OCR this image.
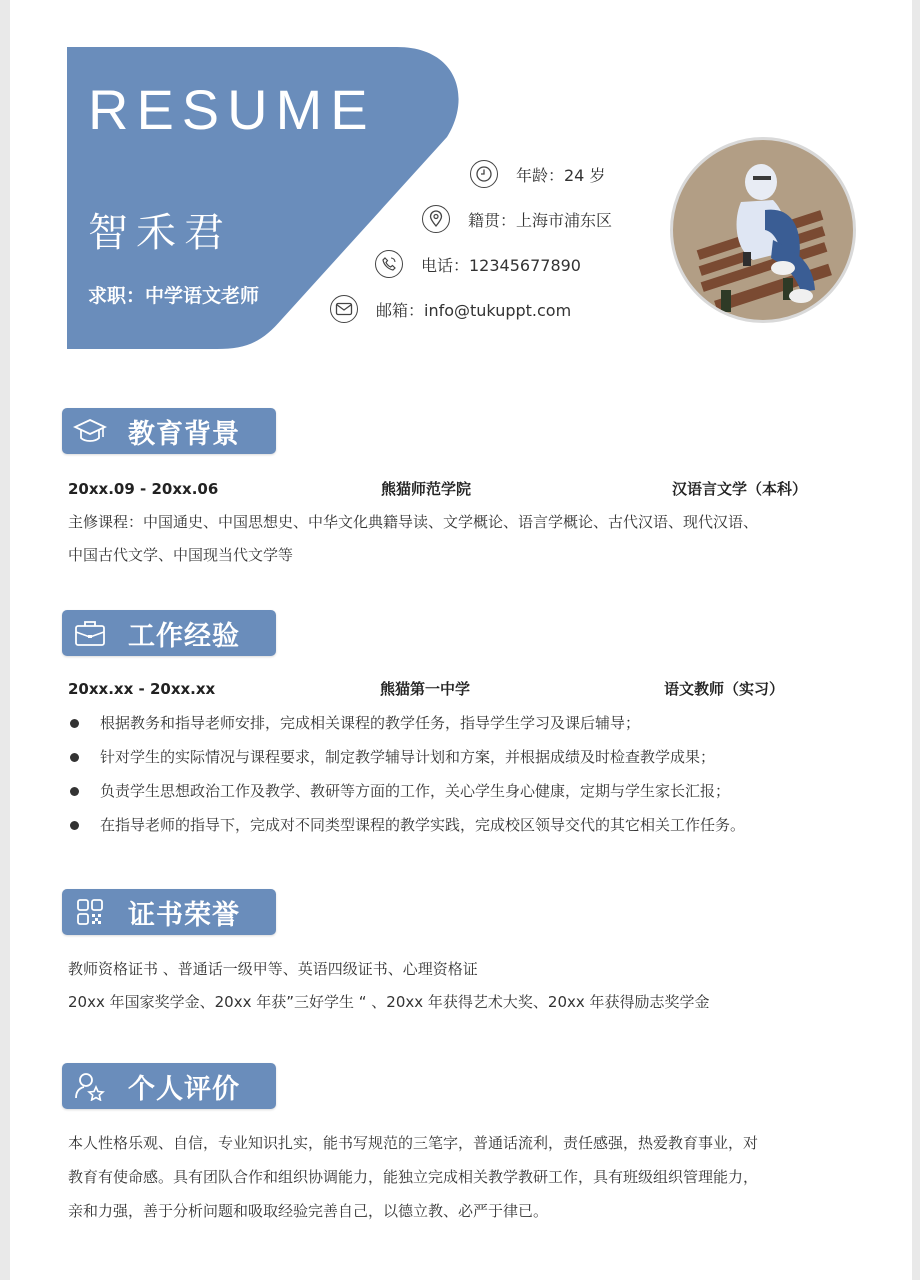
RESUME
智禾君
求职：中学语文老师
年龄：24 岁
籍贯：上海市浦东区
电话：12345677890
邮箱：info@tukuppt.com
教育背景
20xx.09 - 20xx.06	熊猫师范学院	汉语言文学（本科）
主修课程：中国通史、中国思想史、中华文化典籍导读、文学概论、语言学概论、古代汉语、现代汉语、
中国古代文学、中国现当代文学等
工作经验
20xx.xx - 20xx.xx	熊猫第一中学	语文教师（实习）
根据教务和指导老师安排，完成相关课程的教学任务，指导学生学习及课后辅导；
针对学生的实际情况与课程要求，制定教学辅导计划和方案，并根据成绩及时检查教学成果；
负责学生思想政治工作及教学、教研等方面的工作，关心学生身心健康，定期与学生家长汇报；
在指导老师的指导下，完成对不同类型课程的教学实践，完成校区领导交代的其它相关工作任务。
证书荣誉
教师资格证书 、普通话一级甲等、英语四级证书、心理资格证
20xx 年国家奖学金、20xx 年获”三好学生 “ 、20xx 年获得艺术大奖、20xx 年获得励志奖学金
个人评价
本人性格乐观、自信，专业知识扎实，能书写规范的三笔字，普通话流利，责任感强，热爱教育事业，对
教育有使命感。具有团队合作和组织协调能力，能独立完成相关教学教研工作，具有班级组织管理能力，
亲和力强，善于分析问题和吸取经验完善自己，以德立教、必严于律已。
